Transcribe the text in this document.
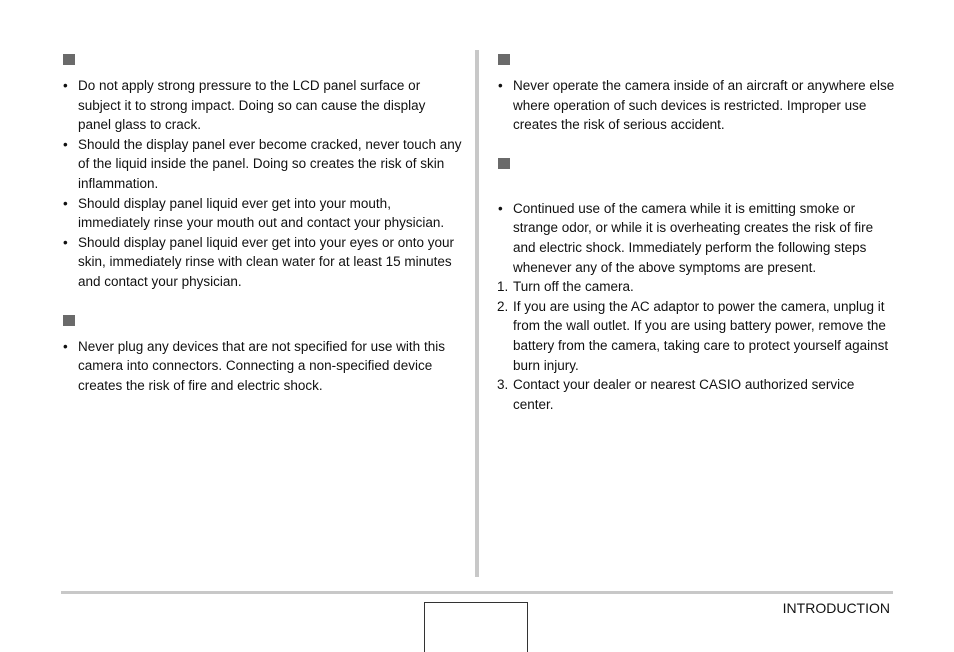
• Do not apply strong pressure to the LCD panel surface or subject it to strong impact. Doing so can cause the display panel glass to crack.
• Should the display panel ever become cracked, never touch any of the liquid inside the panel. Doing so creates the risk of skin inflammation.
• Should display panel liquid ever get into your mouth, immediately rinse your mouth out and contact your physician.
• Should display panel liquid ever get into your eyes or onto your skin, immediately rinse with clean water for at least 15 minutes and contact your physician.
• Never plug any devices that are not specified for use with this camera into connectors. Connecting a non-specified device creates the risk of fire and electric shock.
• Never operate the camera inside of an aircraft or anywhere else where operation of such devices is restricted. Improper use creates the risk of serious accident.
• Continued use of the camera while it is emitting smoke or strange odor, or while it is overheating creates the risk of fire and electric shock. Immediately perform the following steps whenever any of the above symptoms are present.
1. Turn off the camera.
2. If you are using the AC adaptor to power the camera, unplug it from the wall outlet. If you are using battery power, remove the battery from the camera, taking care to protect yourself against burn injury.
3. Contact your dealer or nearest CASIO authorized service center.
INTRODUCTION
